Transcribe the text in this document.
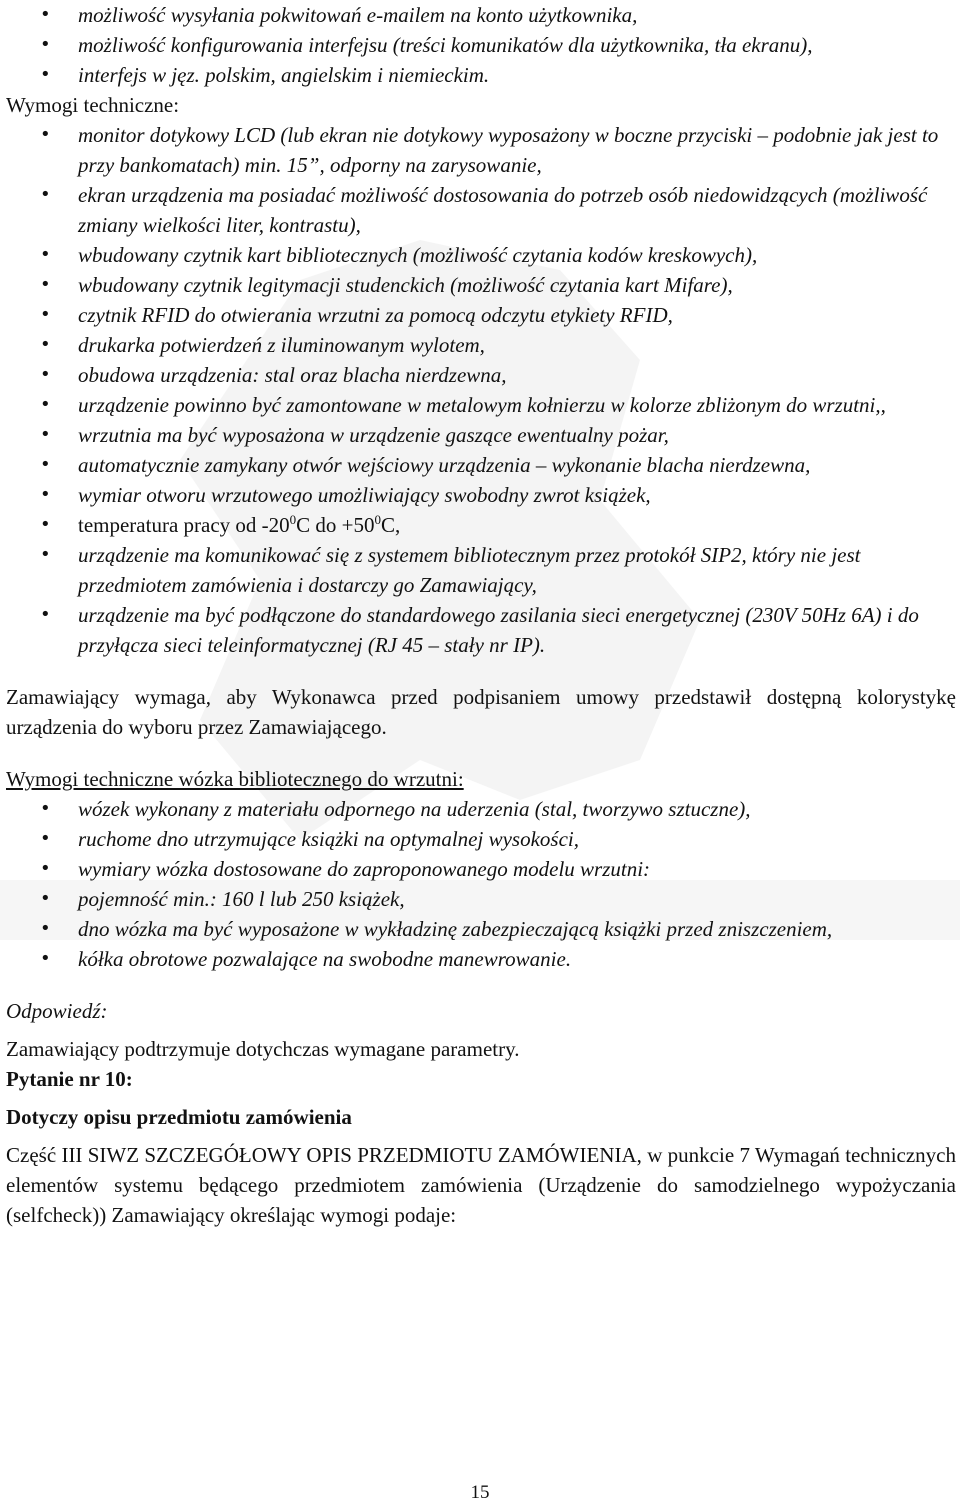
• możliwość wysyłania pokwitowań e-mailem na konto użytkownika,
• możliwość konfigurowania interfejsu (treści komunikatów dla użytkownika, tła ekranu),
• interfejs w jęz. polskim, angielskim i niemieckim.
Wymogi techniczne:
• monitor dotykowy LCD (lub ekran nie dotykowy wyposażony w boczne przyciski – podobnie jak jest to przy bankomatach) min. 15”, odporny na zarysowanie,
• ekran urządzenia ma posiadać możliwość dostosowania do potrzeb osób niedowidzących (możliwość zmiany wielkości liter, kontrastu),
• wbudowany czytnik kart bibliotecznych (możliwość czytania kodów kreskowych),
• wbudowany czytnik legitymacji studenckich (możliwość czytania kart Mifare),
• czytnik RFID do otwierania wrzutni za pomocą odczytu etykiety RFID,
• drukarka potwierdzeń z iluminowanym wylotem,
• obudowa urządzenia: stal oraz blacha nierdzewna,
• urządzenie powinno być zamontowane w metalowym kołnierzu w kolorze zbliżonym do wrzutni,,
• wrzutnia ma być wyposażona w urządzenie gaszące ewentualny pożar,
• automatycznie zamykany otwór wejściowy urządzenia – wykonanie blacha nierdzewna,
• wymiar otworu wrzutowego umożliwiający swobodny zwrot książek,
• temperatura pracy od $-20^0C$ do $+50^0C$,
• urządzenie ma komunikować się z systemem bibliotecznym przez protokół SIP2, który nie jest przedmiotem zamówienia i dostarczy go Zamawiający,
• urządzenie ma być podłączone do standardowego zasilania sieci energetycznej (230V 50Hz 6A) i do przyłącza sieci teleinformatycznej (RJ 45 – stały nr IP).

Zamawiający wymaga, aby Wykonawca przed podpisaniem umowy przedstawił dostępną kolorystykę urządzenia do wyboru przez Zamawiającego.

Wymogi techniczne wózka bibliotecznego do wrzutni:
• wózek wykonany z materiału odpornego na uderzenia (stal, tworzywo sztuczne),
• ruchome dno utrzymujące książki na optymalnej wysokości,
• wymiary wózka dostosowane do zaproponowanego modelu wrzutni:
• pojemność min.: 160 l lub 250 książek,
• dno wózka ma być wyposażone w wykładzinę zabezpieczającą książki przed zniszczeniem,
• kółka obrotowe pozwalające na swobodne manewrowanie.
Odpowiedź:
Zamawiający podtrzymuje dotychczas wymagane parametry.
Pytanie nr 10:
Dotyczy opisu przedmiotu zamówienia

Część III SIWZ SZCZEGÓŁOWY OPIS PRZEDMIOTU ZAMÓWIENIA, w punkcie 7 Wymagań technicznych elementów systemu będącego przedmiotem zamówienia (Urządzenie do samodzielnego wypożyczania (selfcheck)) Zamawiający określając wymogi podaje:

15
